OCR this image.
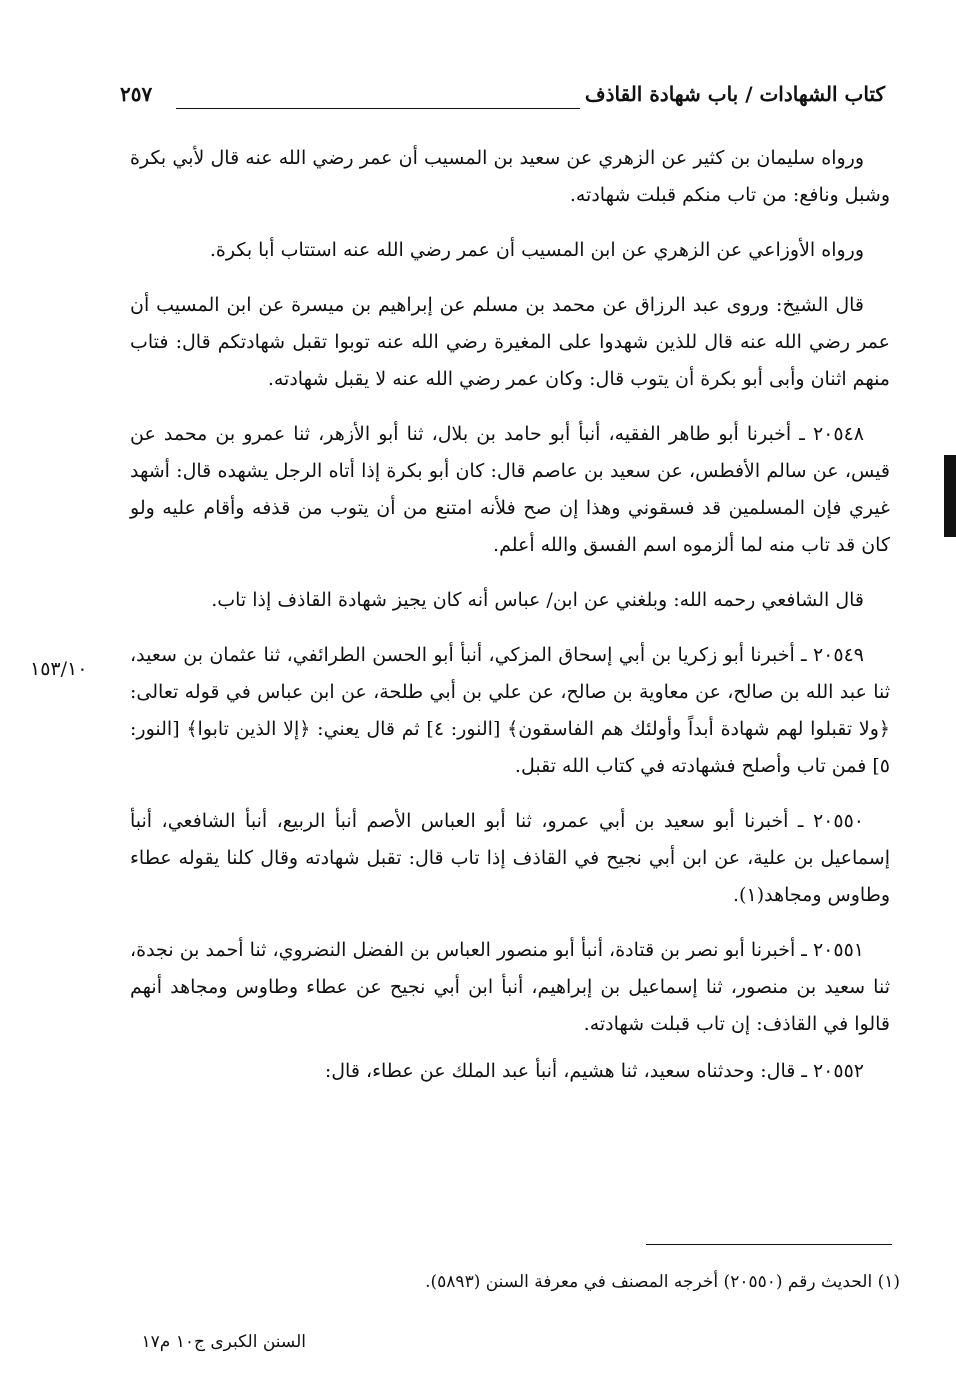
كتاب الشهادات / باب شهادة القاذف
٢٥٧

ورواه سليمان بن كثير عن الزهري عن سعيد بن المسيب أن عمر رضي الله عنه قال لأبي بكرة وشبل ونافع: من تاب منكم قبلت شهادته.

ورواه الأوزاعي عن الزهري عن ابن المسيب أن عمر رضي الله عنه استتاب أبا بكرة.

قال الشيخ: وروى عبد الرزاق عن محمد بن مسلم عن إبراهيم بن ميسرة عن ابن المسيب أن عمر رضي الله عنه قال للذين شهدوا على المغيرة رضي الله عنه توبوا تقبل شهادتكم قال: فتاب منهم اثنان وأبى أبو بكرة أن يتوب قال: وكان عمر رضي الله عنه لا يقبل شهادته.

٢٠٥٤٨ ـ أخبرنا أبو طاهر الفقيه، أنبأ أبو حامد بن بلال، ثنا أبو الأزهر، ثنا عمرو بن محمد عن قيس، عن سالم الأفطس، عن سعيد بن عاصم قال: كان أبو بكرة إذا أتاه الرجل يشهده قال: أشهد غيري فإن المسلمين قد فسقوني وهذا إن صح فلأنه امتنع من أن يتوب من قذفه وأقام عليه ولو كان قد تاب منه لما ألزموه اسم الفسق والله أعلم.

قال الشافعي رحمه الله: وبلغني عن ابن/ عباس أنه كان يجيز شهادة القاذف إذا تاب.

٢٠٥٤٩ ـ أخبرنا أبو زكريا بن أبي إسحاق المزكي، أنبأ أبو الحسن الطرائفي، ثنا عثمان بن سعيد، ثنا عبد الله بن صالح، عن معاوية بن صالح، عن علي بن أبي طلحة، عن ابن عباس في قوله تعالى: ﴿ولا تقبلوا لهم شهادة أبداً وأولئك هم الفاسقون﴾ [النور: ٤] ثم قال يعني: ﴿إلا الذين تابوا﴾ [النور: ٥] فمن تاب وأصلح فشهادته في كتاب الله تقبل.

٢٠٥٥٠ ـ أخبرنا أبو سعيد بن أبي عمرو، ثنا أبو العباس الأصم أنبأ الربيع، أنبأ الشافعي، أنبأ إسماعيل بن علية، عن ابن أبي نجيح في القاذف إذا تاب قال: تقبل شهادته وقال كلنا يقوله عطاء وطاوس ومجاهد(١).

٢٠٥٥١ ـ أخبرنا أبو نصر بن قتادة، أنبأ أبو منصور العباس بن الفضل النضروي، ثنا أحمد بن نجدة، ثنا سعيد بن منصور، ثنا إسماعيل بن إبراهيم، أنبأ ابن أبي نجيح عن عطاء وطاوس ومجاهد أنهم قالوا في القاذف: إن تاب قبلت شهادته.

٢٠٥٥٢ ـ قال: وحدثناه سعيد، ثنا هشيم، أنبأ عبد الملك عن عطاء، قال:

١٥٣/١٠
(١) الحديث رقم (٢٠٥٥٠) أخرجه المصنف في معرفة السنن (٥٨٩٣).
السنن الكبرى ج١٠ م١٧
